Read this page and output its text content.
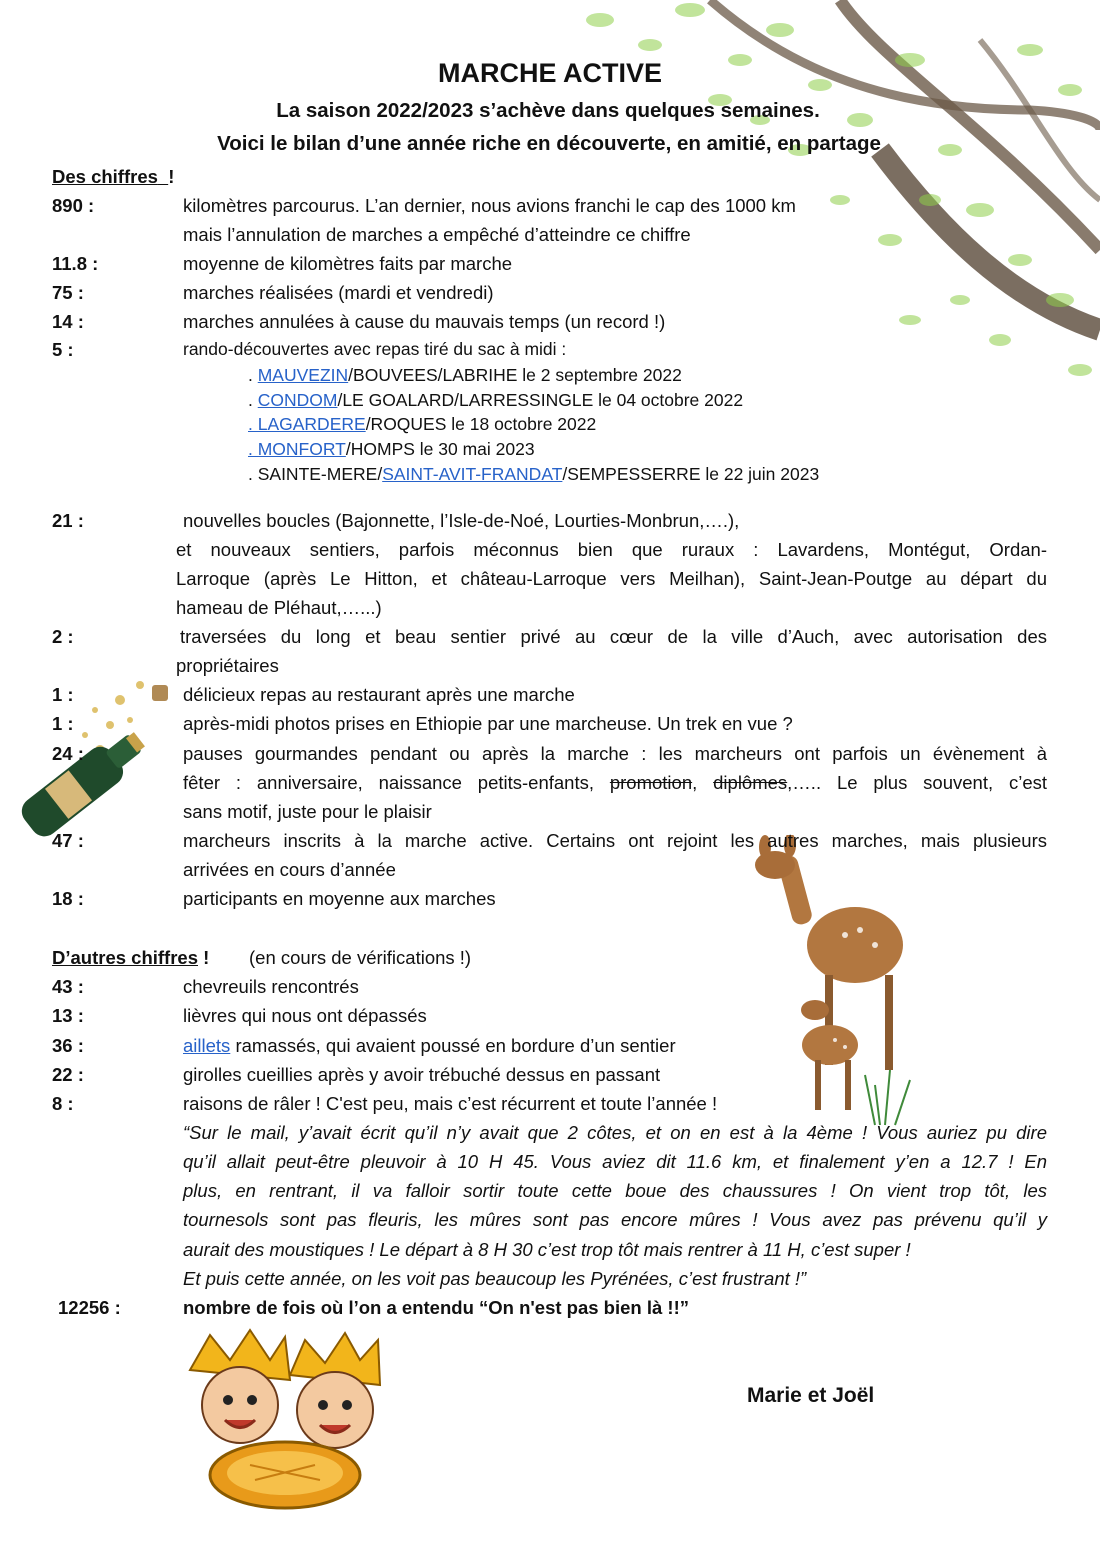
MARCHE ACTIVE
La saison 2022/2023 s’achève dans quelques semaines.
Voici le bilan d’une année riche en découverte, en amitié, en partage
Des chiffres !
890 :	kilomètres parcourus. L’an dernier, nous avions franchi le cap des 1000 km
mais l’annulation de marches a empêché d’atteindre ce chiffre
11.8 :	moyenne de kilomètres faits par marche
75 :	marches réalisées (mardi et vendredi)
14 :	marches annulées à cause du mauvais temps (un record !)
5 :	rando-découvertes avec repas tiré du sac à midi :
. MAUVEZIN/BOUVEES/LABRIHE le 2 septembre 2022
. CONDOM/LE GOALARD/LARRESSINGLE le 04 octobre 2022
. LAGARDERE/ROQUES le 18 octobre 2022
. MONFORT/HOMPS le 30 mai 2023
. SAINTE-MERE/SAINT-AVIT-FRANDAT/SEMPESSERRE le 22 juin 2023
21 :	nouvelles boucles (Bajonnette, l’Isle-de-Noé, Lourties-Monbrun,….),
et nouveaux sentiers, parfois méconnus bien que ruraux : Lavardens, Montégut, Ordan-
Larroque (après Le Hitton, et château-Larroque vers Meilhan), Saint-Jean-Poutge au départ du
hameau de Pléhaut,…...)
2 :	traversées du long et beau sentier privé au cœur de la ville d’Auch, avec autorisation des
propriétaires
1 :	délicieux repas au restaurant après une marche
1 :	après-midi photos prises en Ethiopie par une marcheuse. Un trek en vue ?
24 :	pauses gourmandes pendant ou après la marche : les marcheurs ont parfois un évènement à
fêter : anniversaire, naissance petits-enfants, promotion, diplômes,….. Le plus souvent, c’est
sans motif, juste pour le plaisir
47 :	marcheurs inscrits à la marche active. Certains ont rejoint les autres marches, mais plusieurs
arrivées en cours d’année
18 :	participants en moyenne aux marches
D’autres chiffres ! (en cours de vérifications !)
43 :	chevreuils rencontrés
13 :	lièvres qui nous ont dépassés
36 :	aillets ramassés, qui avaient poussé en bordure d’un sentier
22 :	girolles cueillies après y avoir trébuché dessus en passant
8 :	raisons de râler ! C'est peu, mais c’est récurrent et toute l’année !
“Sur le mail, y’avait écrit qu’il n’y avait que 2 côtes, et on en est à la 4ème ! Vous auriez pu dire
qu’il allait peut-être pleuvoir à 10 H 45. Vous aviez dit 11.6 km, et finalement y’en a 12.7 ! En
plus, en rentrant, il va falloir sortir toute cette boue des chaussures ! On vient trop tôt, les
tournesols sont pas fleuris, les mûres sont pas encore mûres ! Vous avez pas prévenu qu’il y
aurait des moustiques ! Le départ à 8 H 30 c’est trop tôt mais rentrer à 11 H, c’est super !
Et puis cette année, on les voit pas beaucoup les Pyrénées, c’est frustrant !”
12256 :	nombre de fois où l’on a entendu “On n'est pas bien là !!”
Marie et Joël
